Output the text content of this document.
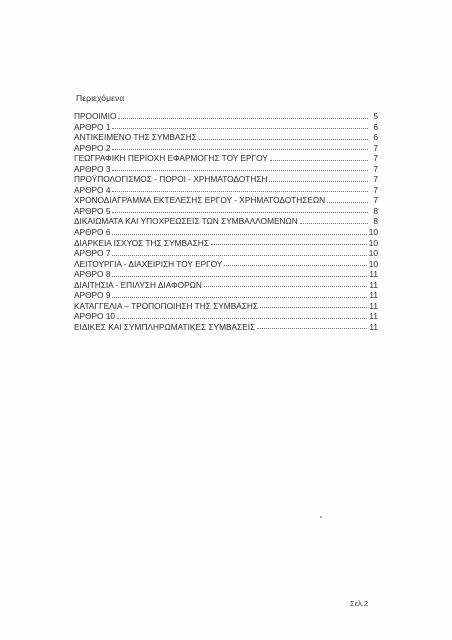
Περιεχόμενα
ΠΡΟΟΙΜΙΟ	5
ΑΡΘΡΟ 1	6
ΑΝΤΙΚΕΙΜΕΝΟ ΤΗΣ ΣΥΜΒΑΣΗΣ	6
ΑΡΘΡΟ 2	7
ΓΕΩΓΡΑΦΙΚΗ ΠΕΡΙΟΧΗ ΕΦΑΡΜΟΓΗΣ ΤΟΥ ΕΡΓΟΥ	7
ΑΡΘΡΟ 3	7
ΠΡΟΫΠΟΛΟΓΙΣΜΟΣ - ΠΟΡΟΙ - ΧΡΗΜΑΤΟΔΟΤΗΣΗ	7
ΑΡΘΡΟ 4	7
ΧΡΟΝΟΔΙΑΓΡΑΜΜΑ ΕΚΤΕΛΕΣΗΣ ΕΡΓΟΥ - ΧΡΗΜΑΤΟΔΟΤΗΣΕΩΝ	7
ΑΡΘΡΟ 5	8
ΔΙΚΑΙΩΜΑΤΑ ΚΑΙ ΥΠΟΧΡΕΩΣΕΙΣ ΤΩΝ ΣΥΜΒΑΛΛΟΜΕΝΩΝ	8
ΑΡΘΡΟ 6	10
ΔΙΑΡΚΕΙΑ ΙΣΧΥΟΣ ΤΗΣ ΣΥΜΒΑΣΗΣ	10
ΑΡΘΡΟ 7	10
ΛΕΙΤΟΥΡΓΙΑ - ΔΙΑΧΕΙΡΙΣΗ ΤΟΥ ΕΡΓΟΥ	10
ΑΡΘΡΟ 8	11
ΔΙΑΙΤΗΣΙΑ - ΕΠΙΛΥΣΗ ΔΙΑΦΟΡΩΝ	11
ΑΡΘΡΟ 9	11
ΚΑΤΑΓΓΕΛΙΑ – ΤΡΟΠΟΠΟΙΗΣΗ ΤΗΣ ΣΥΜΒΑΣΗΣ	11
ΑΡΘΡΟ 10	11
ΕΙΔΙΚΕΣ ΚΑΙ ΣΥΜΠΛΗΡΩΜΑΤΙΚΕΣ ΣΥΜΒΑΣΕΙΣ	11
Σελ.2
